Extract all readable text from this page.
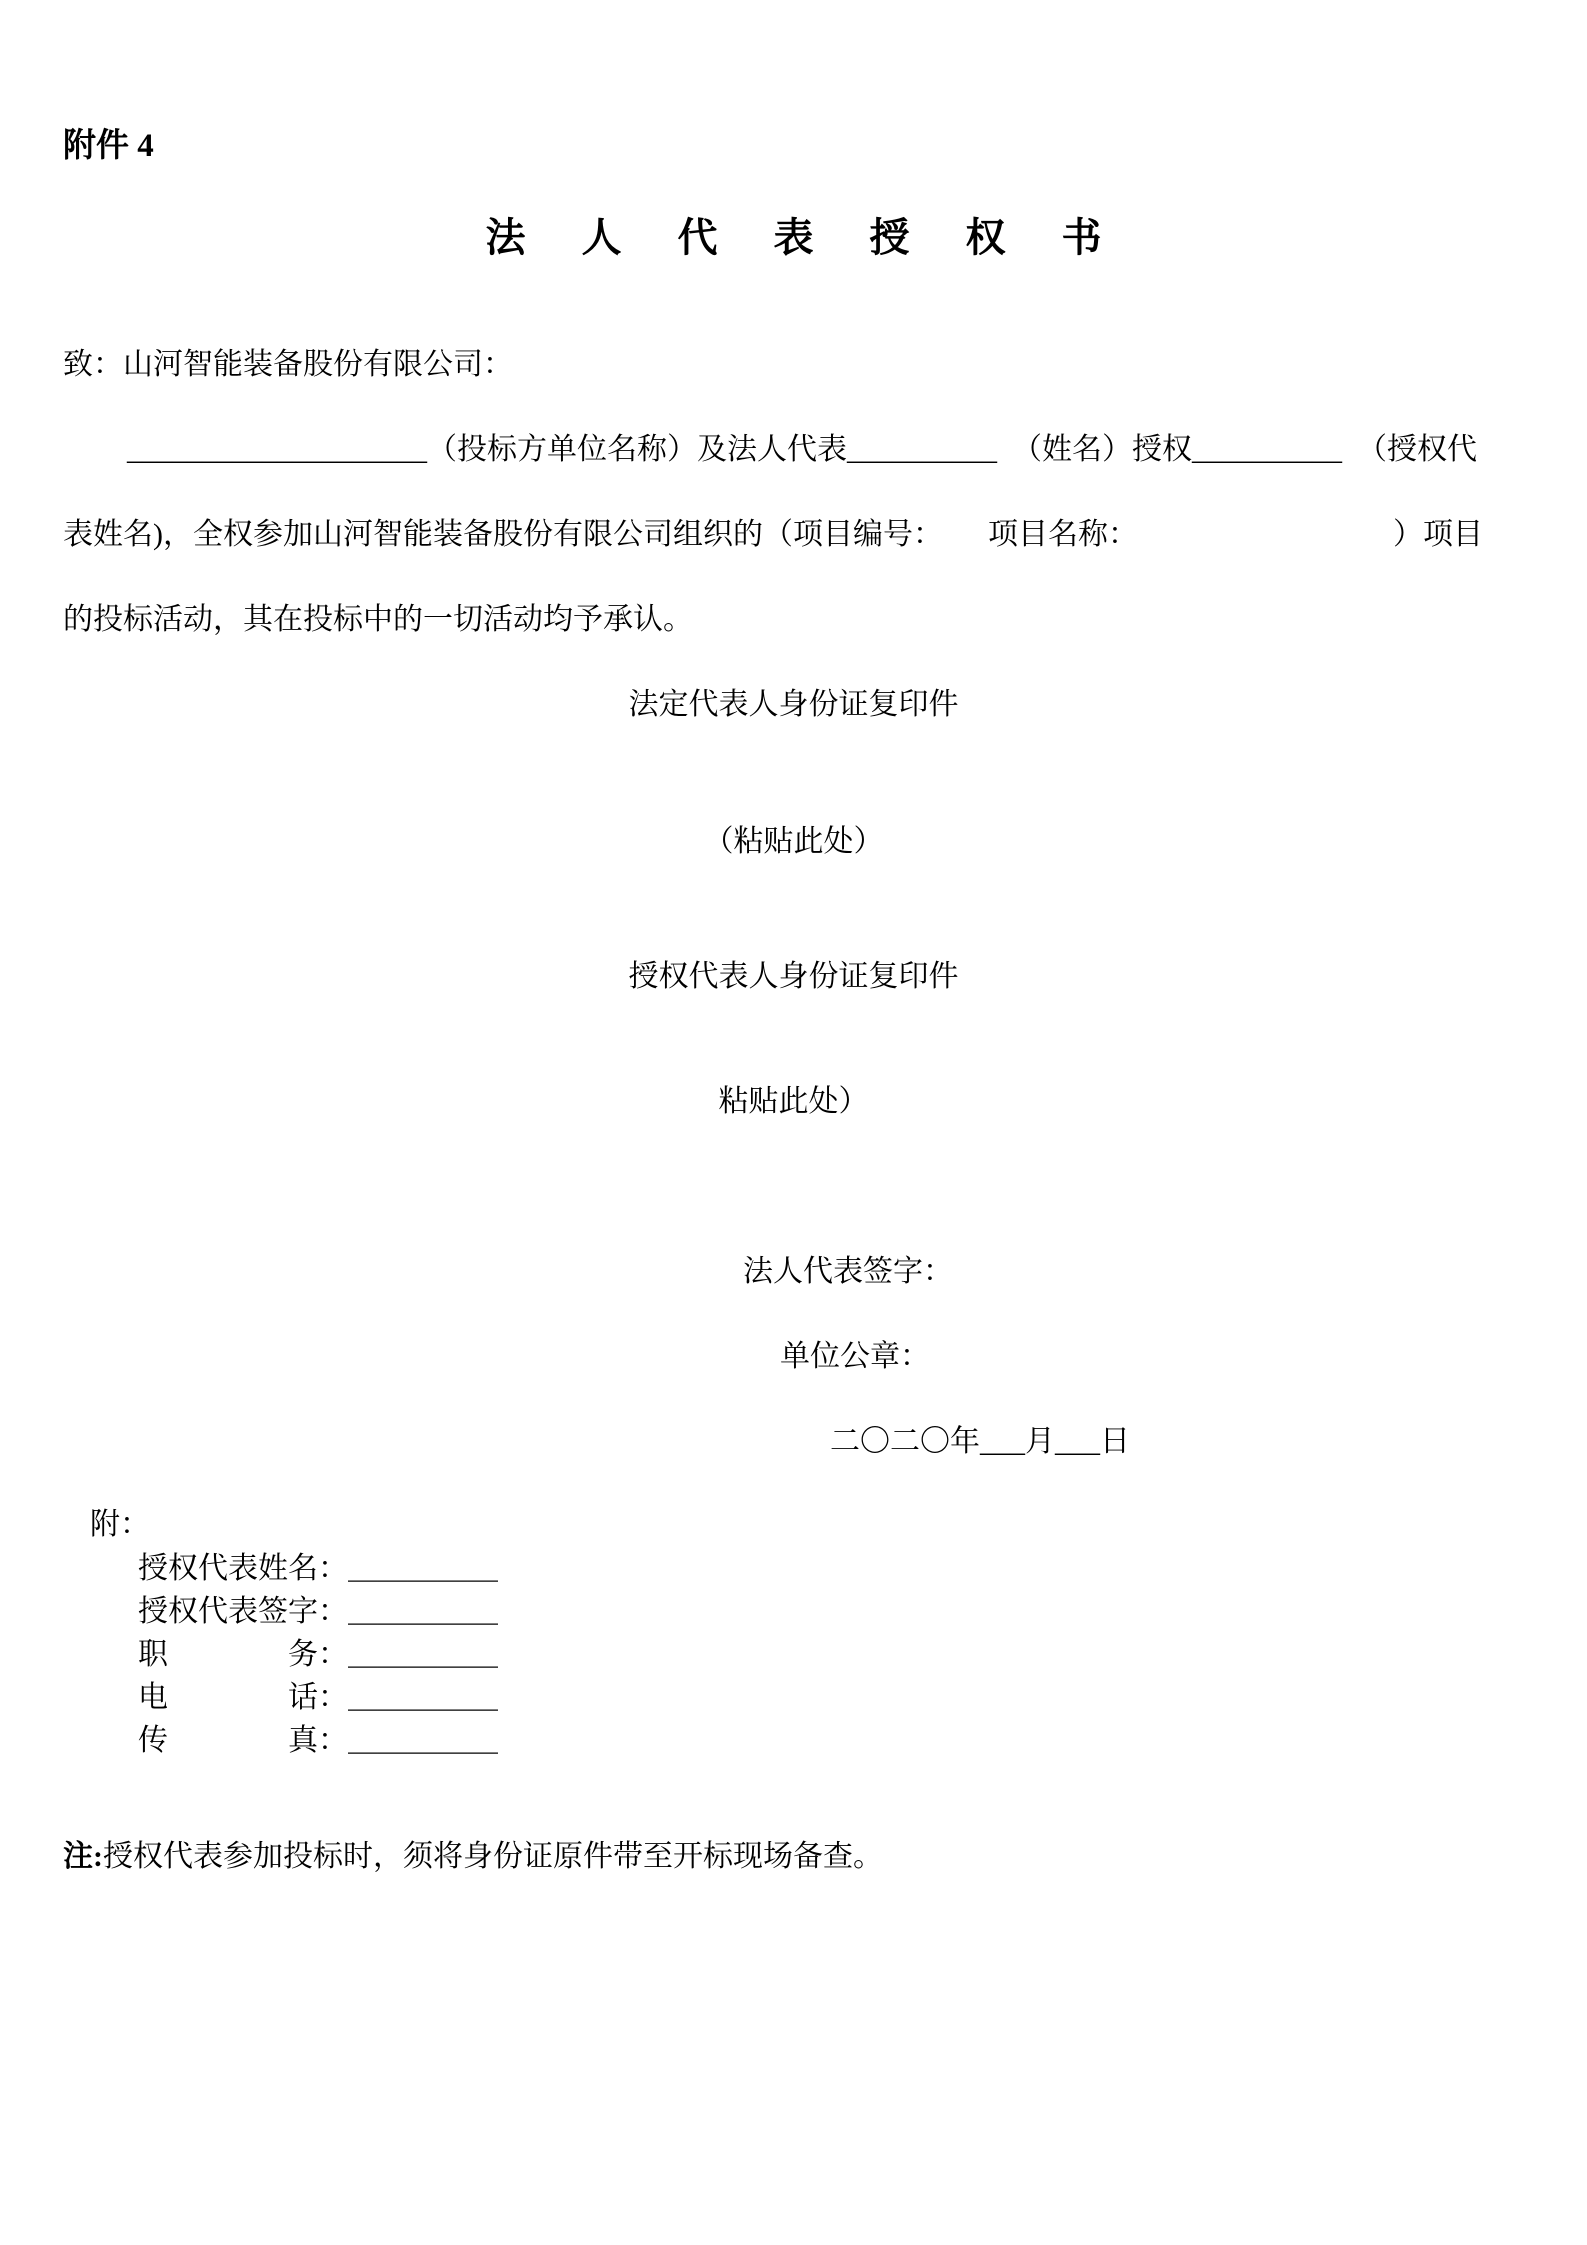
附件 4
法人代表授权书
致：山河智能装备股份有限公司：
____________________（投标方单位名称）及法人代表__________　（姓名）授权__________　（授权代
表姓名)，全权参加山河智能装备股份有限公司组织的（项目编号：　　项目名称：　　　　　　　　　）项目
的投标活动，其在投标中的一切活动均予承认。
法定代表人身份证复印件
（粘贴此处）
授权代表人身份证复印件
粘贴此处）
法人代表签字：
单位公章：
二〇二〇年___月___日
附：
授权代表姓名：＿＿＿＿＿
授权代表签字：＿＿＿＿＿
职　　　　务：＿＿＿＿＿
电　　　　话：＿＿＿＿＿
传　　　　真：＿＿＿＿＿
注:授权代表参加投标时，须将身份证原件带至开标现场备查。
